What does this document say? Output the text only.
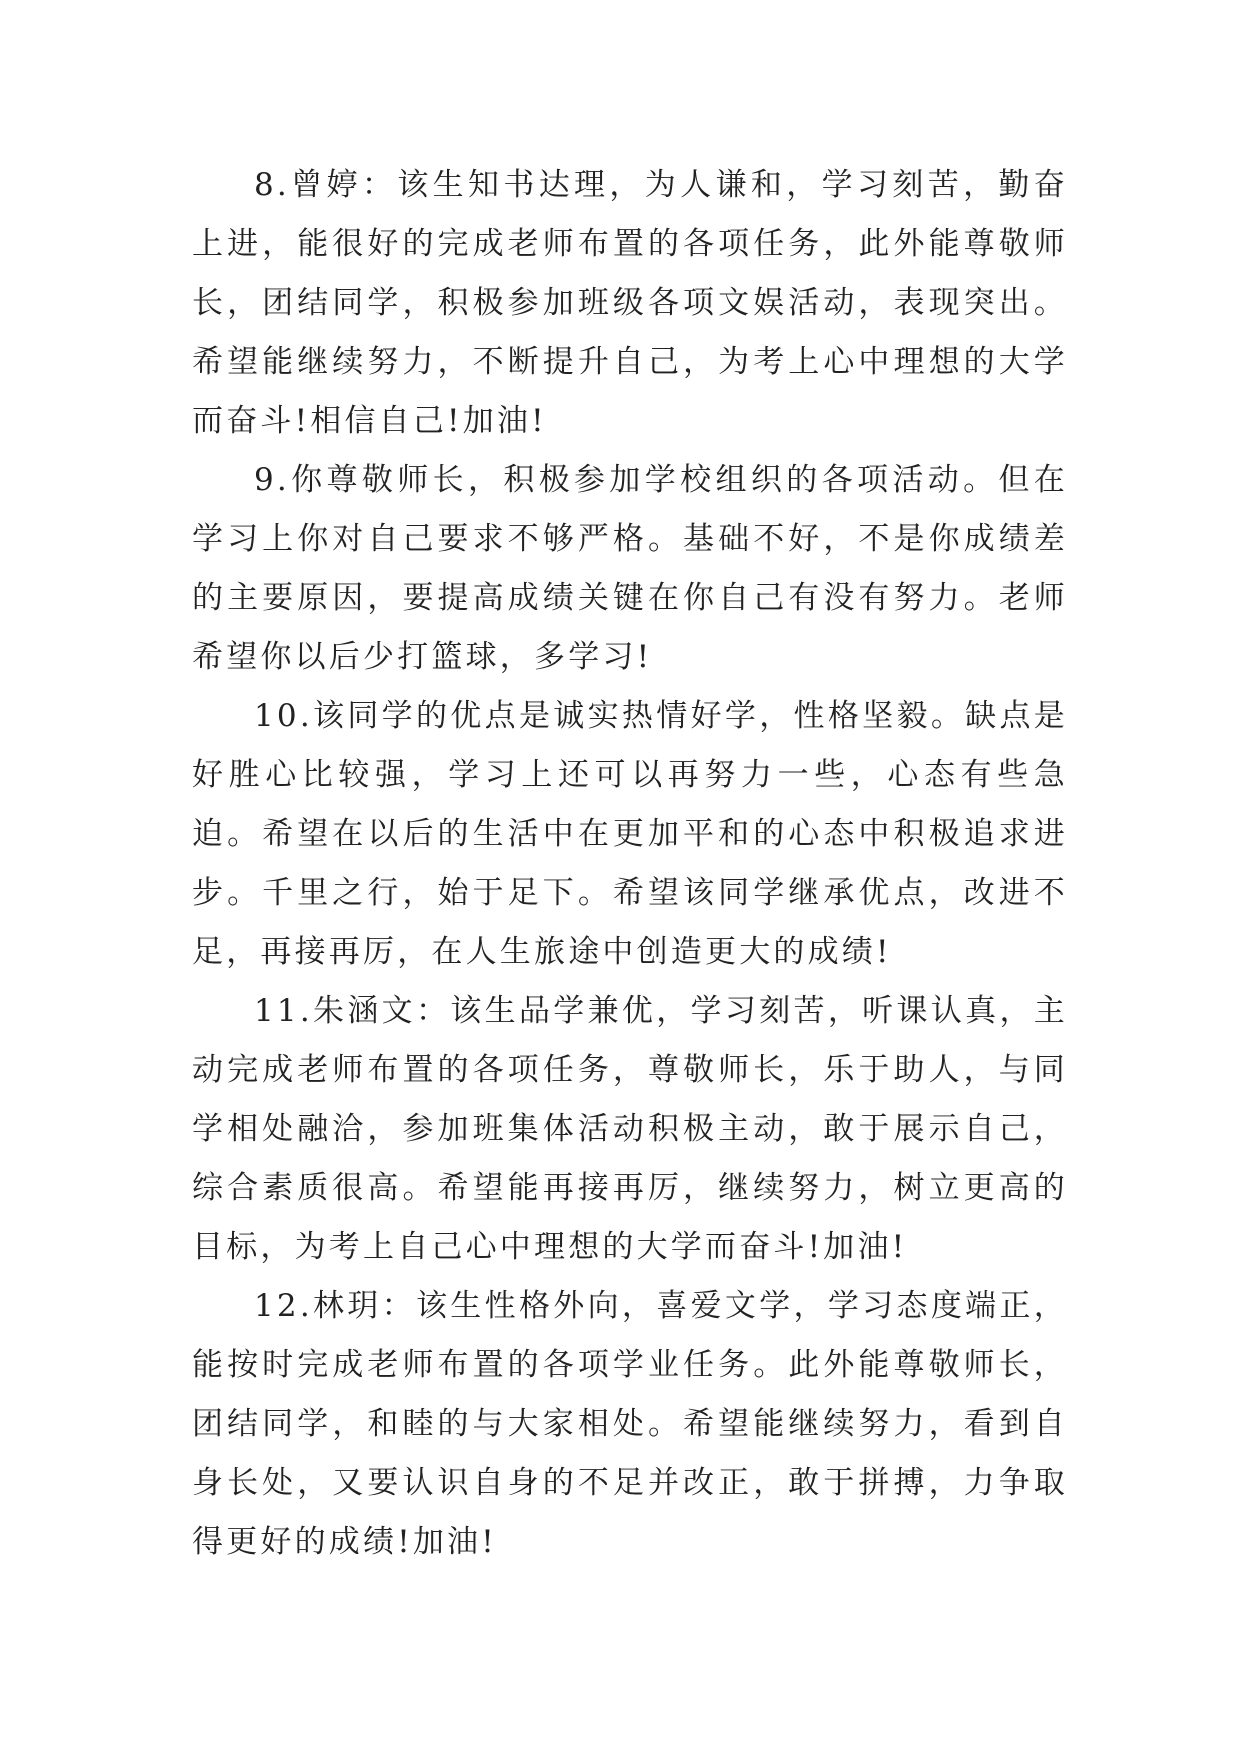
8.曾婷：该生知书达理，为人谦和，学习刻苦，勤奋上进，能很好的完成老师布置的各项任务，此外能尊敬师长，团结同学，积极参加班级各项文娱活动，表现突出。希望能继续努力，不断提升自己，为考上心中理想的大学而奋斗!相信自己!加油!

9.你尊敬师长，积极参加学校组织的各项活动。但在学习上你对自己要求不够严格。基础不好，不是你成绩差的主要原因，要提高成绩关键在你自己有没有努力。老师希望你以后少打篮球，多学习!

10.该同学的优点是诚实热情好学，性格坚毅。缺点是好胜心比较强，学习上还可以再努力一些，心态有些急迫。希望在以后的生活中在更加平和的心态中积极追求进步。千里之行，始于足下。希望该同学继承优点，改进不足，再接再厉，在人生旅途中创造更大的成绩!

11.朱涵文：该生品学兼优，学习刻苦，听课认真，主动完成老师布置的各项任务，尊敬师长，乐于助人，与同学相处融洽，参加班集体活动积极主动，敢于展示自己，综合素质很高。希望能再接再厉，继续努力，树立更高的目标，为考上自己心中理想的大学而奋斗!加油!

12.林玥：该生性格外向，喜爱文学，学习态度端正，能按时完成老师布置的各项学业任务。此外能尊敬师长，团结同学，和睦的与大家相处。希望能继续努力，看到自身长处，又要认识自身的不足并改正，敢于拼搏，力争取得更好的成绩!加油!
